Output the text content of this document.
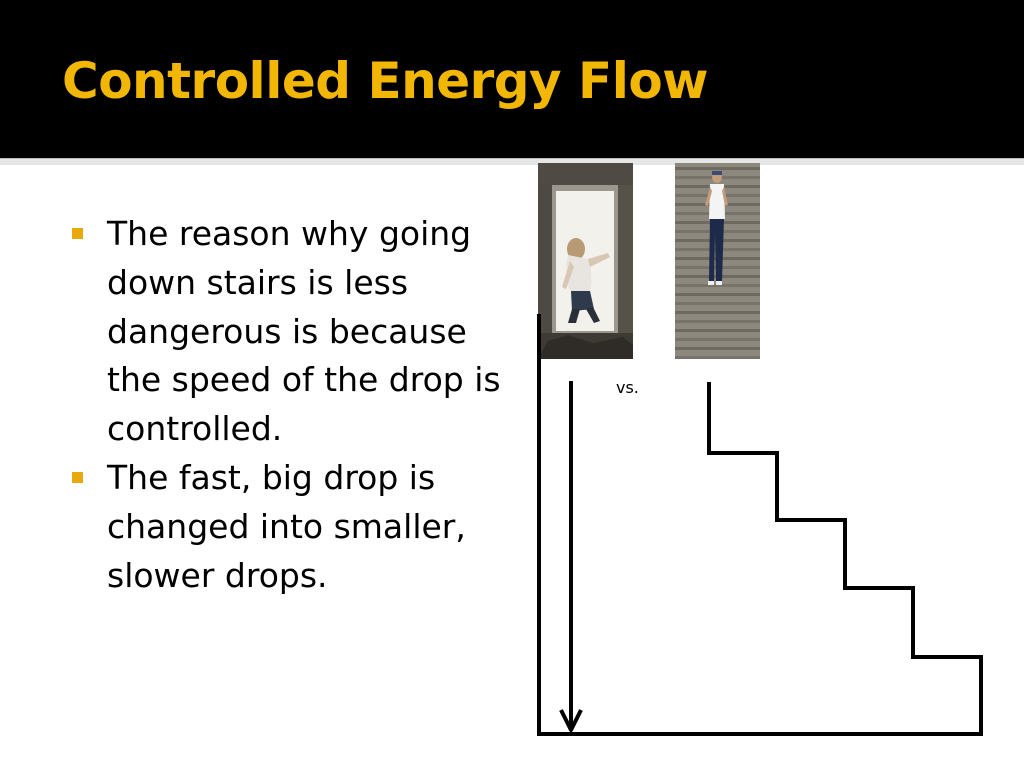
Controlled Energy Flow
The reason why going down stairs is less dangerous is because the speed of the drop is controlled.
The fast, big drop is changed into smaller, slower drops.

vs.
